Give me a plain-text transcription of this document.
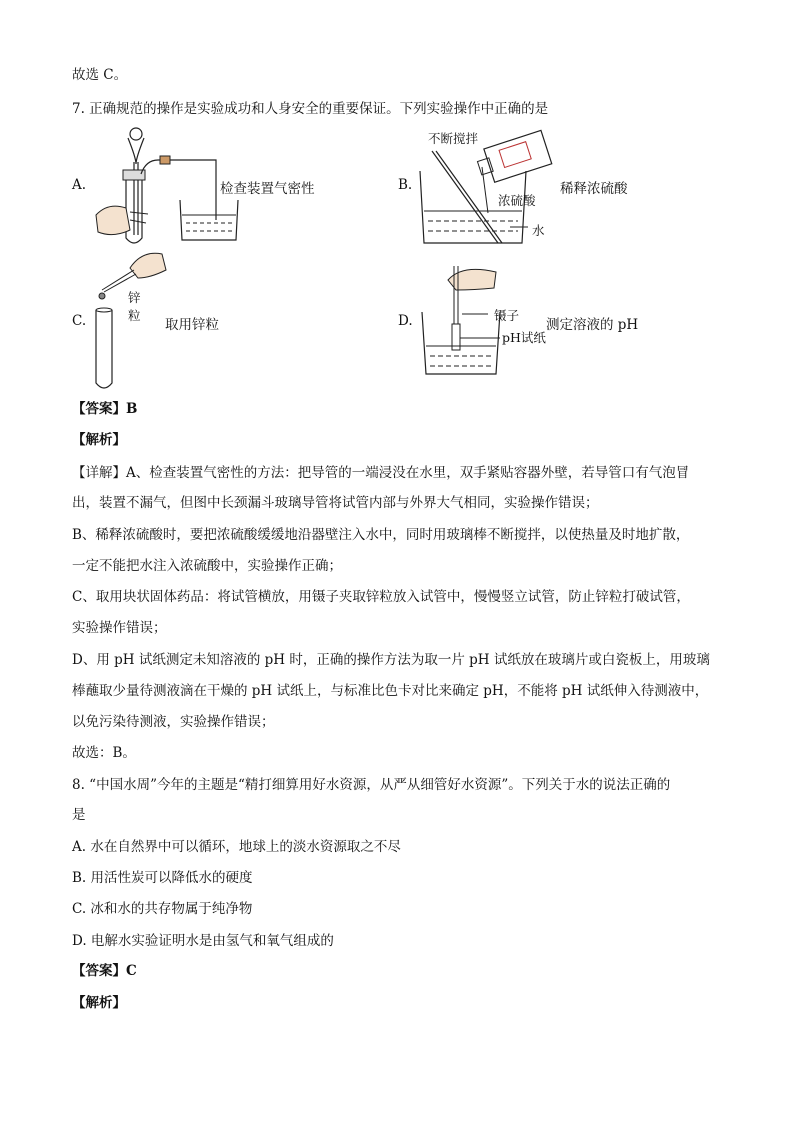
故选 C。
7. 正确规范的操作是实验成功和人身安全的重要保证。下列实验操作中正确的是
A.	检查装置气密性	B.
不断搅拌
浓硫酸
水
稀释浓硫酸
C.
锌
粒
取用锌粒	D.	镊子
pH试纸
测定溶液的 pH
【答案】B
【解析】
【详解】A、检查装置气密性的方法：把导管的一端浸没在水里，双手紧贴容器外壁，若导管口有气泡冒
出，装置不漏气，但图中长颈漏斗玻璃导管将试管内部与外界大气相同，实验操作错误；
B、稀释浓硫酸时，要把浓硫酸缓缓地沿器壁注入水中，同时用玻璃棒不断搅拌，以使热量及时地扩散，
一定不能把水注入浓硫酸中，实验操作正确；
C、取用块状固体药品：将试管横放，用镊子夹取锌粒放入试管中，慢慢竖立试管，防止锌粒打破试管，
实验操作错误；
D、用 pH 试纸测定未知溶液的 pH 时，正确的操作方法为取一片 pH 试纸放在玻璃片或白瓷板上，用玻璃
棒蘸取少量待测液滴在干燥的 pH 试纸上，与标准比色卡对比来确定 pH，不能将 pH 试纸伸入待测液中，
以免污染待测液，实验操作错误；
故选：B。
8. “中国水周”今年的主题是“精打细算用好水资源，从严从细管好水资源”。下列关于水的说法正确的
是
A. 水在自然界中可以循环，地球上的淡水资源取之不尽
B. 用活性炭可以降低水的硬度
C. 冰和水的共存物属于纯净物
D. 电解水实验证明水是由氢气和氧气组成的
【答案】C
【解析】
